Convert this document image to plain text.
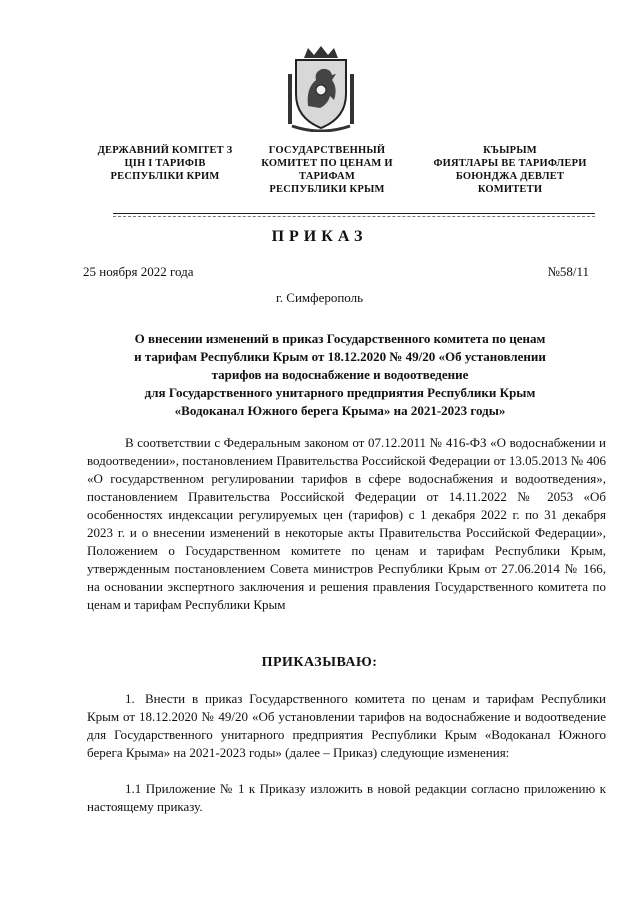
ДЕРЖАВНИЙ КОМІТЕТ З
ЦІН І ТАРИФІВ
РЕСПУБЛІКИ КРИМ
ГОСУДАРСТВЕННЫЙ
КОМИТЕТ ПО ЦЕНАМ И
ТАРИФАМ
РЕСПУБЛИКИ КРЫМ
КЪЫРЫМ
ФИЯТЛАРЫ ВЕ ТАРИФЛЕРИ
БОЮНДЖА ДЕВЛЕТ
КОМИТЕТИ
ПРИКАЗ
25 ноября 2022 года	№58/11
г. Симферополь
О внесении изменений в приказ Государственного комитета по ценам
и тарифам Республики Крым от 18.12.2020 № 49/20 «Об установлении
тарифов на водоснабжение и водоотведение
для Государственного унитарного предприятия Республики Крым
«Водоканал Южного берега Крыма» на 2021-2023 годы»
В соответствии с Федеральным законом от 07.12.2011 № 416-ФЗ «О водоснабжении и водоотведении», постановлением Правительства Российской Федерации от 13.05.2013 № 406 «О государственном регулировании тарифов в сфере водоснабжения и водоотведения», постановлением Правительства Российской Федерации от 14.11.2022 № 2053 «Об особенностях индексации регулируемых цен (тарифов) с 1 декабря 2022 г. по 31 декабря 2023 г. и о внесении изменений в некоторые акты Правительства Российской Федерации», Положением о Государственном комитете по ценам и тарифам Республики Крым, утвержденным постановлением Совета министров Республики Крым от 27.06.2014 № 166, на основании экспертного заключения и решения правления Государственного комитета по ценам и тарифам Республики Крым
ПРИКАЗЫВАЮ:
1. Внести в приказ Государственного комитета по ценам и тарифам Республики Крым от 18.12.2020 № 49/20 «Об установлении тарифов на водоснабжение и водоотведение для Государственного унитарного предприятия Республики Крым «Водоканал Южного берега Крыма» на 2021-2023 годы» (далее – Приказ) следующие изменения:
1.1 Приложение № 1 к Приказу изложить в новой редакции согласно приложению к настоящему приказу.
